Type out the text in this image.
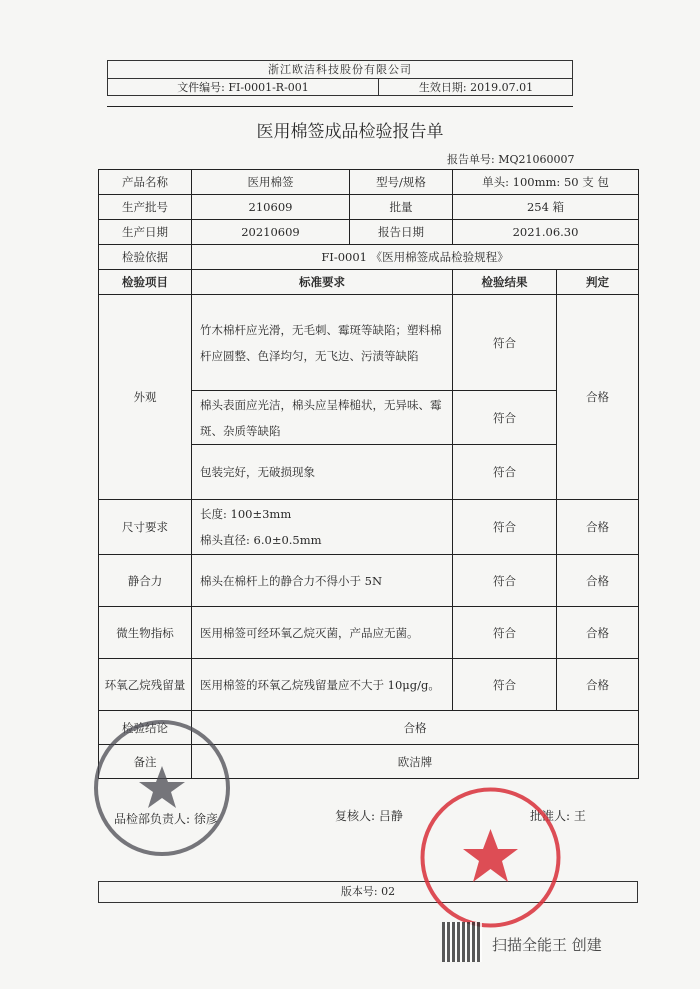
浙江欧洁科技股份有限公司
文件编号: FI-0001-R-001	生效日期: 2019.07.01
医用棉签成品检验报告单
报告单号: MQ21060007
产品名称	医用棉签	型号/规格	单头: 100mm: 50 支 包	
生产批号	210609	批量	254 箱	
生产日期	20210609	报告日期	2021.06.30	
检验依据	FI-0001 《医用棉签成品检验规程》			
检验项目	标准要求		检验结果	判定
外观	竹木棉杆应光滑，无毛刺、霉斑等缺陷；塑料棉
杆应圆整、色泽均匀，无飞边、污渍等缺陷		符合	合格

	棉头表面应光洁，棉头应呈棒槌状，无异味、霉
斑、杂质等缺陷		符合	
	包装完好，无破损现象		符合	
尺寸要求	长度: 100±3mm
棉头直径: 6.0±0.5mm		符合	合格
静合力	棉头在棉杆上的静合力不得小于 5N		符合	合格
微生物指标	医用棉签可经环氧乙烷灭菌，产品应无菌。		符合	合格
环氧乙烷残留量	医用棉签的环氧乙烷残留量应不大于 10μg/g。		符合	合格
检验结论	合格			
备注	欧洁牌			
品检部负责人: 徐彦	复核人: 吕静	批准人: 王
版本号: 02
扫描全能王 创建
